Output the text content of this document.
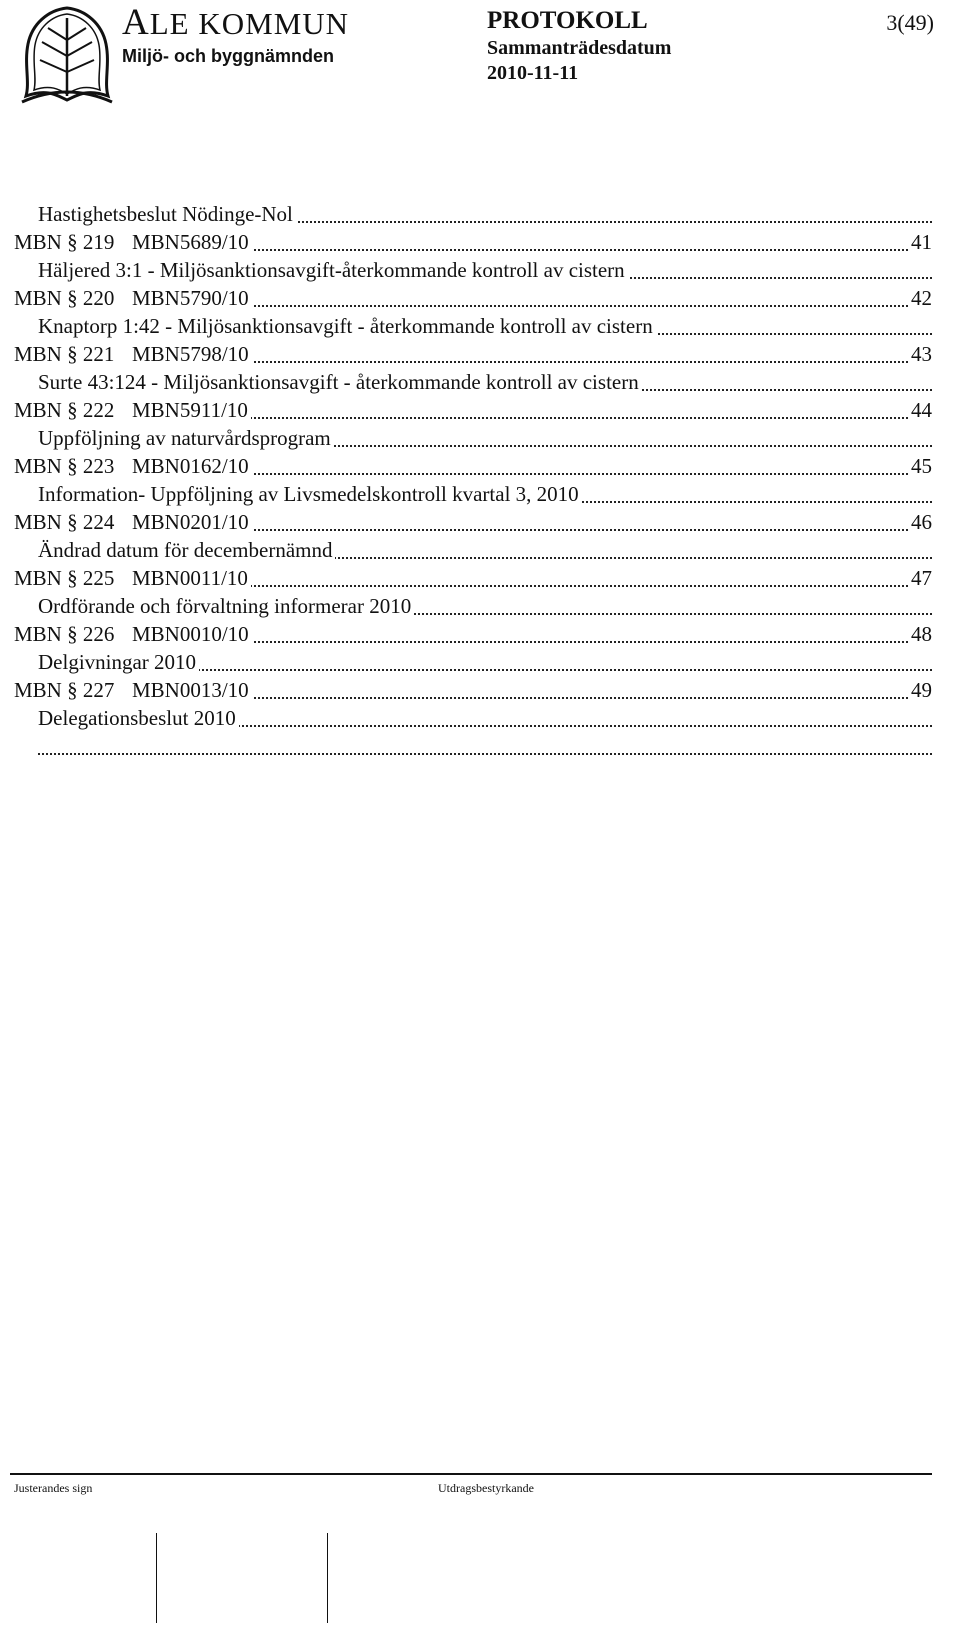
ALE KOMMUN
Miljö- och byggnämnden
PROTOKOLL
Sammanträdesdatum
2010-11-11
3(49)
Hastighetsbeslut Nödinge-Nol
MBN § 219 MBN5689/10	41
Häljered 3:1 - Miljösanktionsavgift-återkommande kontroll av cistern
MBN § 220 MBN5790/10	42
Knaptorp 1:42 - Miljösanktionsavgift - återkommande kontroll av cistern
MBN § 221 MBN5798/10	43
Surte 43:124 - Miljösanktionsavgift - återkommande kontroll av cistern
MBN § 222 MBN5911/10	44
Uppföljning av naturvårdsprogram
MBN § 223 MBN0162/10	45
Information- Uppföljning av Livsmedelskontroll kvartal 3, 2010
MBN § 224 MBN0201/10	46
Ändrad datum för decembernämnd
MBN § 225 MBN0011/10	47
Ordförande och förvaltning informerar 2010
MBN § 226 MBN0010/10	48
Delgivningar 2010
MBN § 227 MBN0013/10	49
Delegationsbeslut 2010
Justerandes sign	Utdragsbestyrkande
